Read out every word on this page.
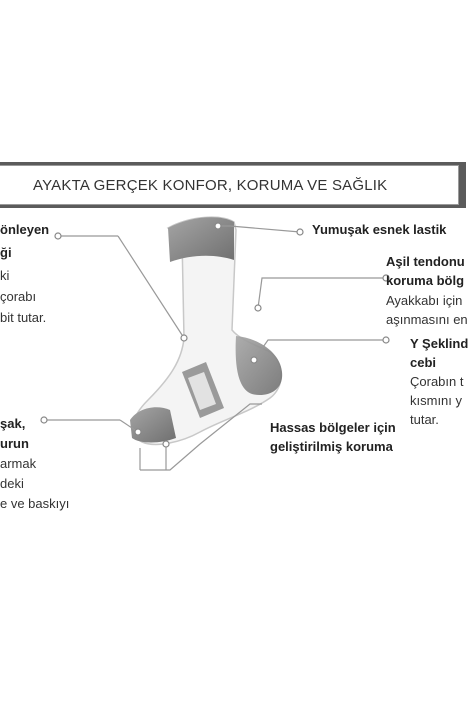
AYAKTA GERÇEK KONFOR, KORUMA VE SAĞLIK
önleyen
ği
ki
çorabı
bit tutar.
Yumuşak esnek lastik
Aşil tendonu
koruma bölg
Ayakkabı için
aşınmasını en
Y Şeklind
cebi
Çorabın t
kısmını y
tutar.
şak,
urun
armak
deki
e ve baskıyı
Hassas bölgeler için
geliştirilmiş koruma
